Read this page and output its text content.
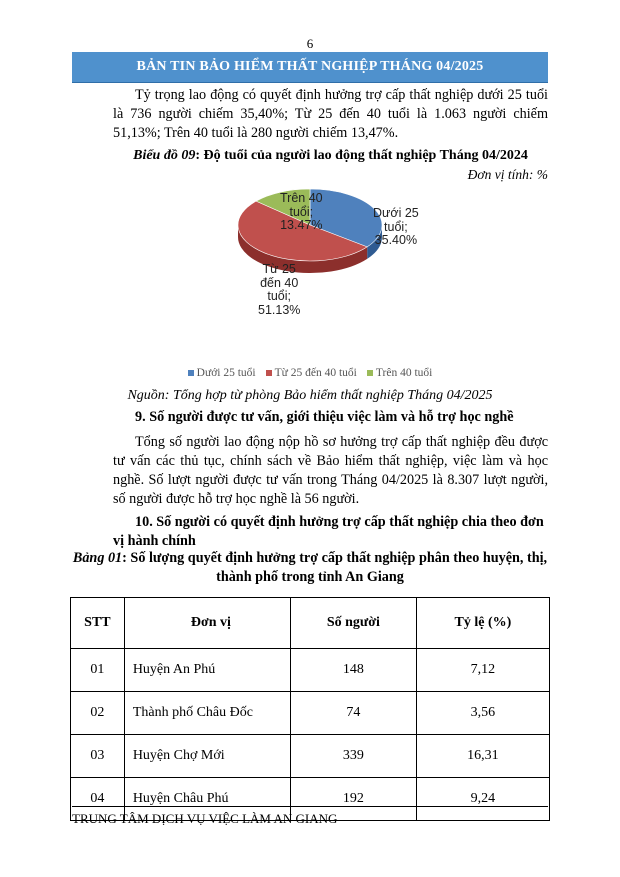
6
BẢN TIN BẢO HIỂM THẤT NGHIỆP THÁNG 04/2025
Tỷ trọng lao động có quyết định hưởng trợ cấp thất nghiệp dưới 25 tuổi là 736 người chiếm 35,40%; Từ 25 đến 40 tuổi là 1.063 người chiếm 51,13%; Trên 40 tuổi là 280 người chiếm 13,47%.
Biểu đồ 09: Độ tuổi của người lao động thất nghiệp Tháng 04/2024
Đơn vị tính: %
Dưới 25
tuổi;
35.40%
Từ 25
đến 40
tuổi;
51.13%
Trên 40
tuổi;
13.47%
Dưới 25 tuổi	Từ 25 đến 40 tuổi	Trên 40 tuổi
Nguồn: Tổng hợp từ phòng Bảo hiểm thất nghiệp Tháng 04/2025
9. Số người được tư vấn, giới thiệu việc làm và hỗ trợ học nghề
Tổng số người lao động nộp hồ sơ hưởng trợ cấp thất nghiệp đều được tư vấn các thủ tục, chính sách về Bảo hiểm thất nghiệp, việc làm và học nghề. Số lượt người được tư vấn trong Tháng 04/2025 là 8.307 lượt người, số người được hỗ trợ học nghề là 56 người.
10. Số người có quyết định hưởng trợ cấp thất nghiệp chia theo đơn vị hành chính
Bảng 01: Số lượng quyết định hưởng trợ cấp thất nghiệp phân theo huyện, thị, thành phố trong tỉnh An Giang
STT	Đơn vị	Số người	Tỷ lệ (%)
01	Huyện An Phú	148	7,12
02	Thành phố Châu Đốc	74	3,56
03	Huyện Chợ Mới	339	16,31
04	Huyện Châu Phú	192	9,24
TRUNG TÂM DỊCH VỤ VIỆC LÀM AN GIANG
